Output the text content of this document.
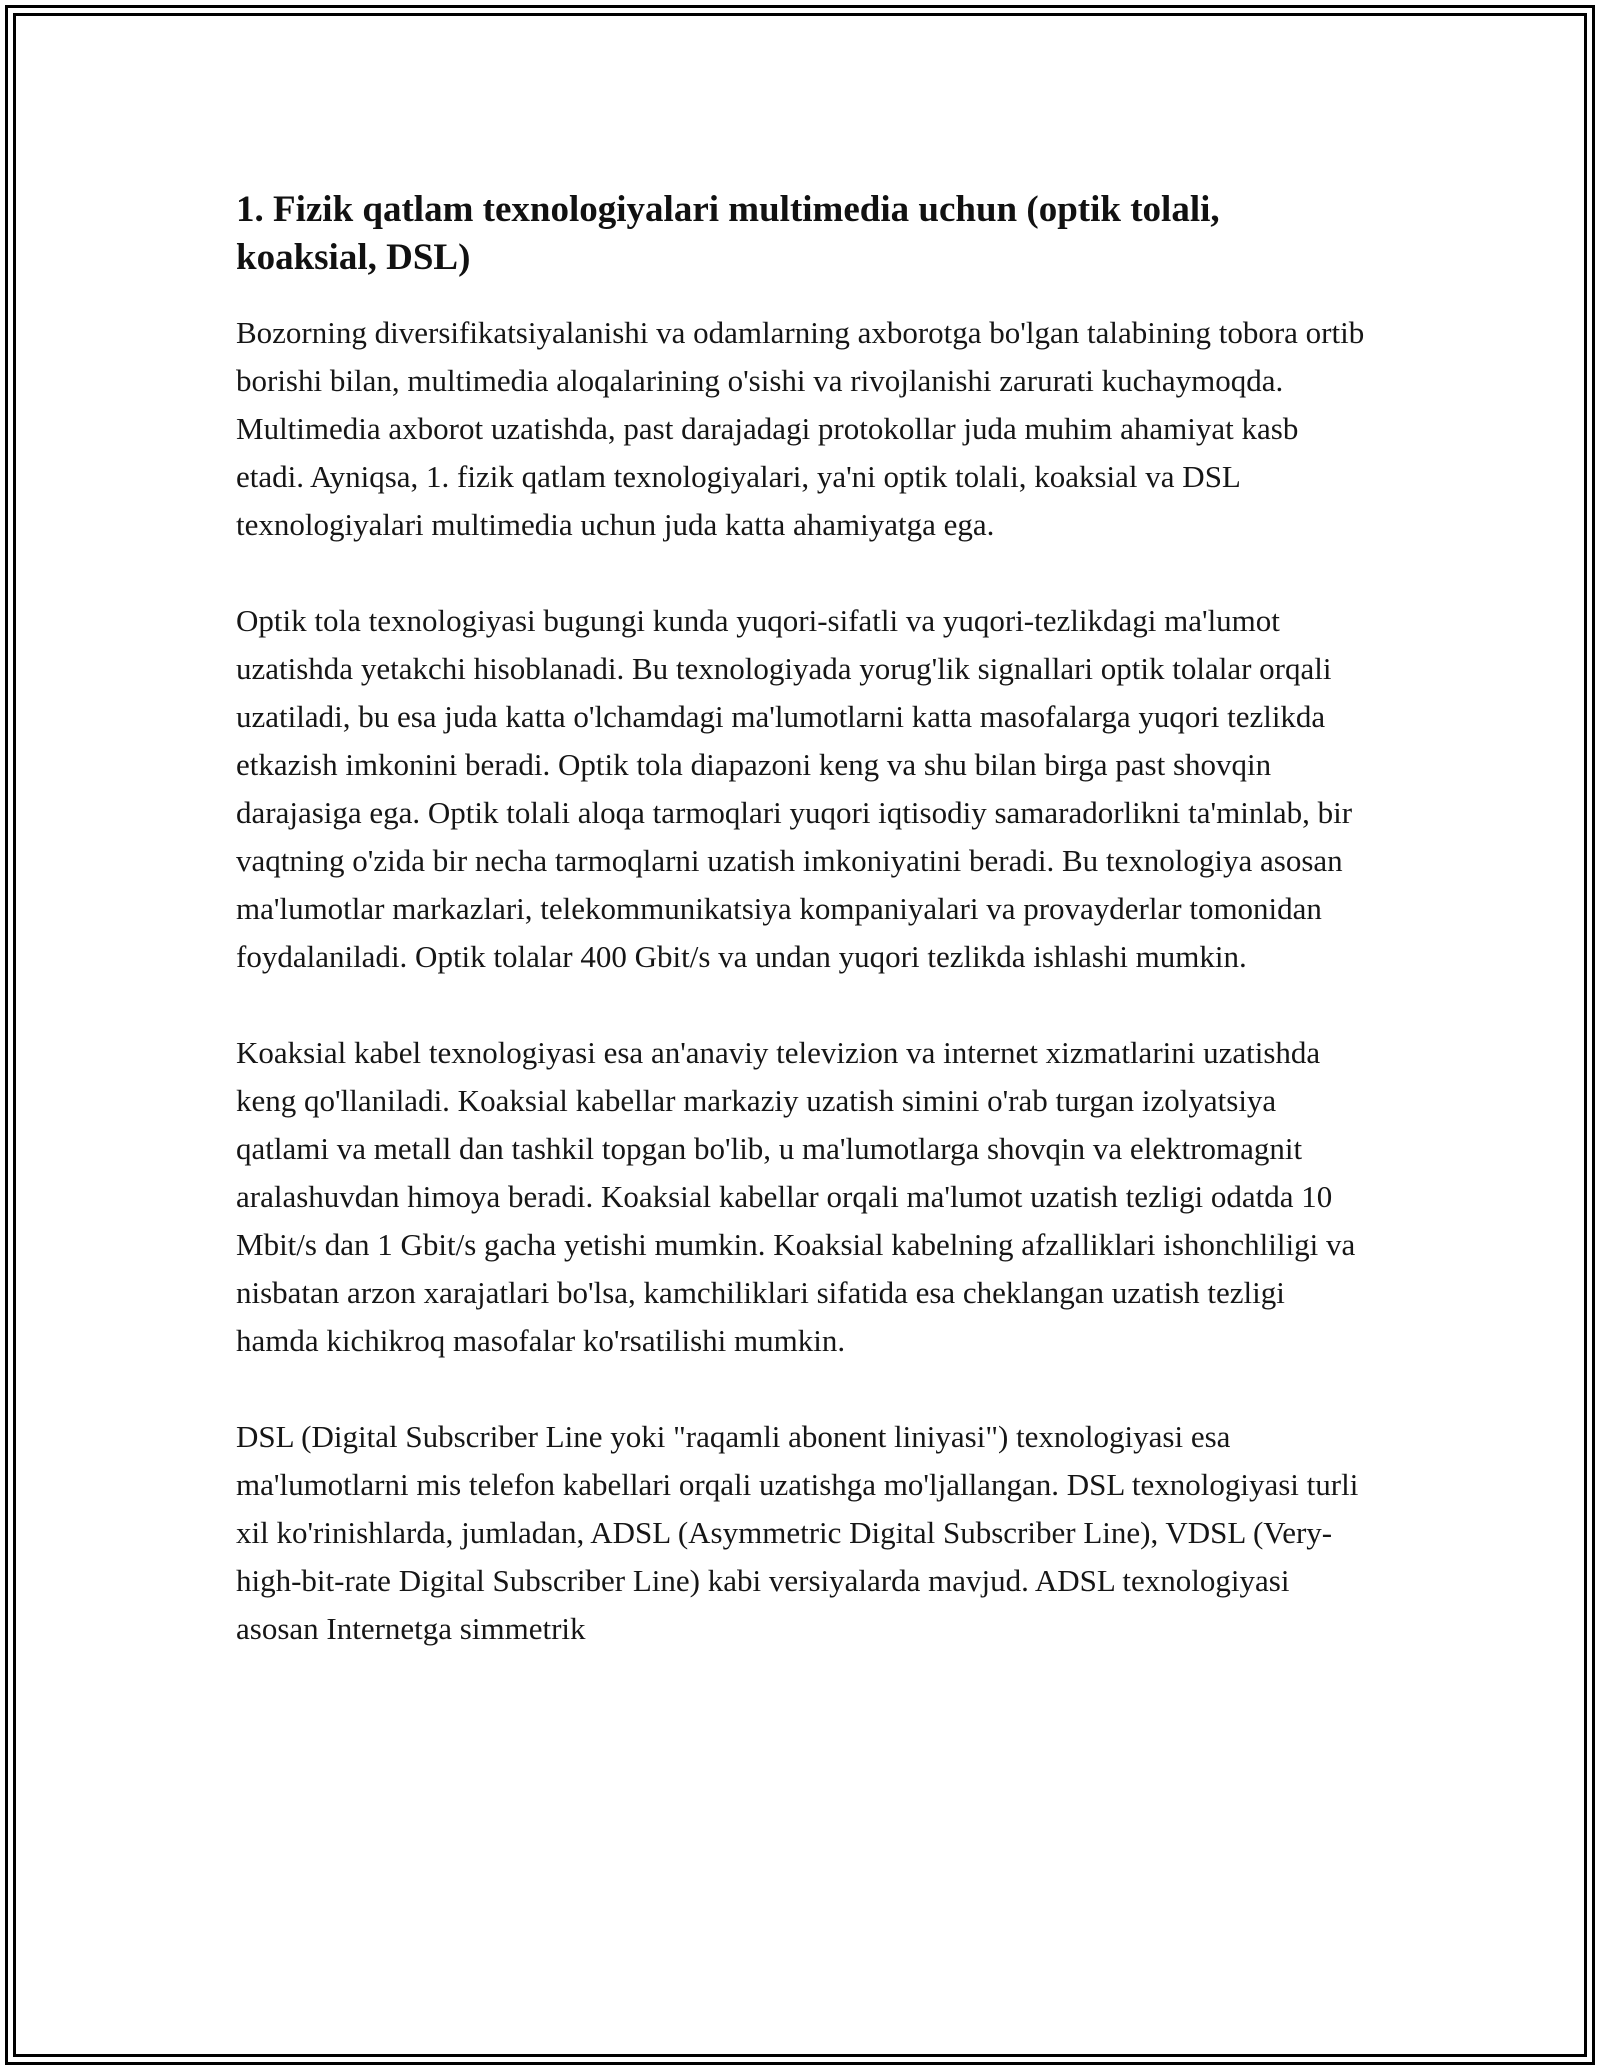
1. Fizik qatlam texnologiyalari multimedia uchun (optik tolali, koaksial, DSL)

Bozorning diversifikatsiyalanishi va odamlarning axborotga bo'lgan talabining tobora ortib borishi bilan, multimedia aloqalarining o'sishi va rivojlanishi zarurati kuchaymoqda. Multimedia axborot uzatishda, past darajadagi protokollar juda muhim ahamiyat kasb etadi. Ayniqsa, 1. fizik qatlam texnologiyalari, ya'ni optik tolali, koaksial va DSL texnologiyalari multimedia uchun juda katta ahamiyatga ega.

Optik tola texnologiyasi bugungi kunda yuqori-sifatli va yuqori-tezlikdagi ma'lumot uzatishda yetakchi hisoblanadi. Bu texnologiyada yorug'lik signallari optik tolalar orqali uzatiladi, bu esa juda katta o'lchamdagi ma'lumotlarni katta masofalarga yuqori tezlikda etkazish imkonini beradi. Optik tola diapazoni keng va shu bilan birga past shovqin darajasiga ega. Optik tolali aloqa tarmoqlari yuqori iqtisodiy samaradorlikni ta'minlab, bir vaqtning o'zida bir necha tarmoqlarni uzatish imkoniyatini beradi. Bu texnologiya asosan ma'lumotlar markazlari, telekommunikatsiya kompaniyalari va provayderlar tomonidan foydalaniladi. Optik tolalar 400 Gbit/s va undan yuqori tezlikda ishlashi mumkin.

Koaksial kabel texnologiyasi esa an'anaviy televizion va internet xizmatlarini uzatishda keng qo'llaniladi. Koaksial kabellar markaziy uzatish simini o'rab turgan izolyatsiya qatlami va metall dan tashkil topgan bo'lib, u ma'lumotlarga shovqin va elektromagnit aralashuvdan himoya beradi. Koaksial kabellar orqali ma'lumot uzatish tezligi odatda 10 Mbit/s dan 1 Gbit/s gacha yetishi mumkin. Koaksial kabelning afzalliklari ishonchliligi va nisbatan arzon xarajatlari bo'lsa, kamchiliklari sifatida esa cheklangan uzatish tezligi hamda kichikroq masofalar ko'rsatilishi mumkin.

DSL (Digital Subscriber Line yoki "raqamli abonent liniyasi") texnologiyasi esa ma'lumotlarni mis telefon kabellari orqali uzatishga mo'ljallangan. DSL texnologiyasi turli xil ko'rinishlarda, jumladan, ADSL (Asymmetric Digital Subscriber Line), VDSL (Very-high-bit-rate Digital Subscriber Line) kabi versiyalarda mavjud. ADSL texnologiyasi asosan Internetga simmetrik
